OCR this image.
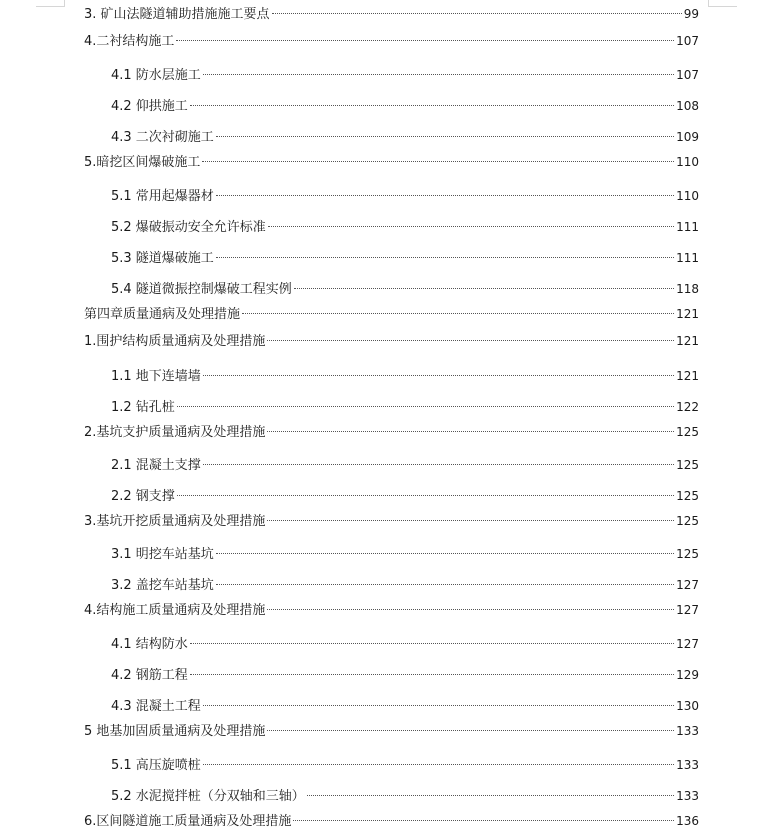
3. 矿山法隧道辅助措施施工要点	99
4.二衬结构施工	107
4.1 防水层施工	107
4.2 仰拱施工	108
4.3 二次衬砌施工	109
5.暗挖区间爆破施工	110
5.1 常用起爆器材	110
5.2 爆破振动安全允许标准	111
5.3 隧道爆破施工	111
5.4 隧道微振控制爆破工程实例	118
第四章质量通病及处理措施	121
1.围护结构质量通病及处理措施	121
1.1 地下连墙墙	121
1.2 钻孔桩	122
2.基坑支护质量通病及处理措施	125
2.1 混凝土支撑	125
2.2 钢支撑	125
3.基坑开挖质量通病及处理措施	125
3.1 明挖车站基坑	125
3.2 盖挖车站基坑	127
4.结构施工质量通病及处理措施	127
4.1 结构防水	127
4.2 钢筋工程	129
4.3 混凝土工程	130
5 地基加固质量通病及处理措施	133
5.1 高压旋喷桩	133
5.2 水泥搅拌桩（分双轴和三轴）	133
6.区间隧道施工质量通病及处理措施	136
